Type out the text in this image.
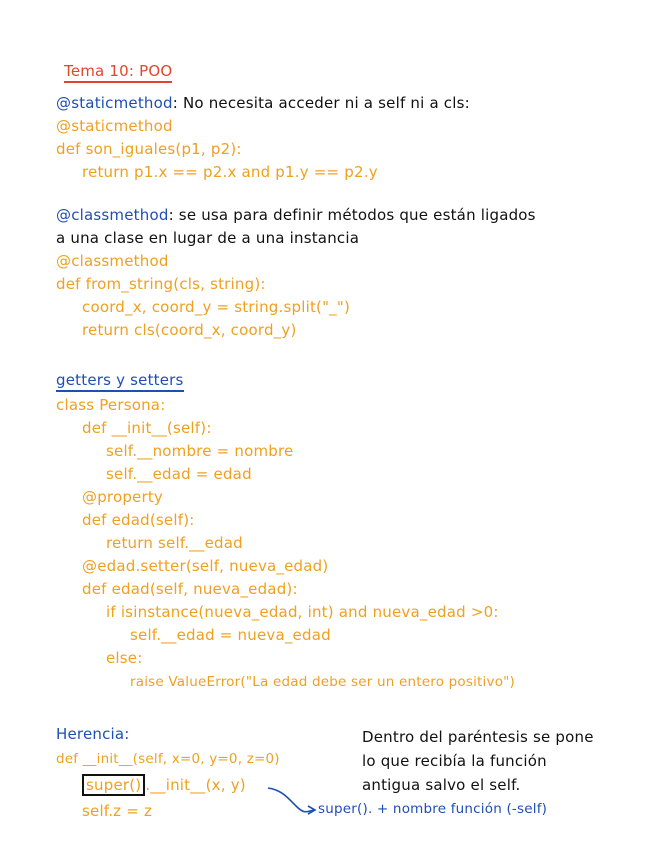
Tema 10: POO
@staticmethod: No necesita acceder ni a self ni a cls:
@staticmethod
def son_iguales(p1, p2):
return p1.x == p2.x and p1.y == p2.y
@classmethod: se usa para definir métodos que están ligados
a una clase en lugar de a una instancia
@classmethod
def from_string(cls, string):
coord_x, coord_y = string.split("_")
return cls(coord_x, coord_y)
getters y setters
class Persona:
def __init__(self):
self.__nombre = nombre
self.__edad = edad
@property
def edad(self):
return self.__edad
@edad.setter(self, nueva_edad)
def edad(self, nueva_edad):
if isinstance(nueva_edad, int) and nueva_edad >0:
self.__edad = nueva_edad
else:
raise ValueError("La edad debe ser un entero positivo")
Herencia:
def __init__(self, x=0, y=0, z=0)
super() .__init__(x, y)
self.z = z
Dentro del paréntesis se pone
lo que recibía la función
antigua salvo el self.
super(). + nombre función (-self)
